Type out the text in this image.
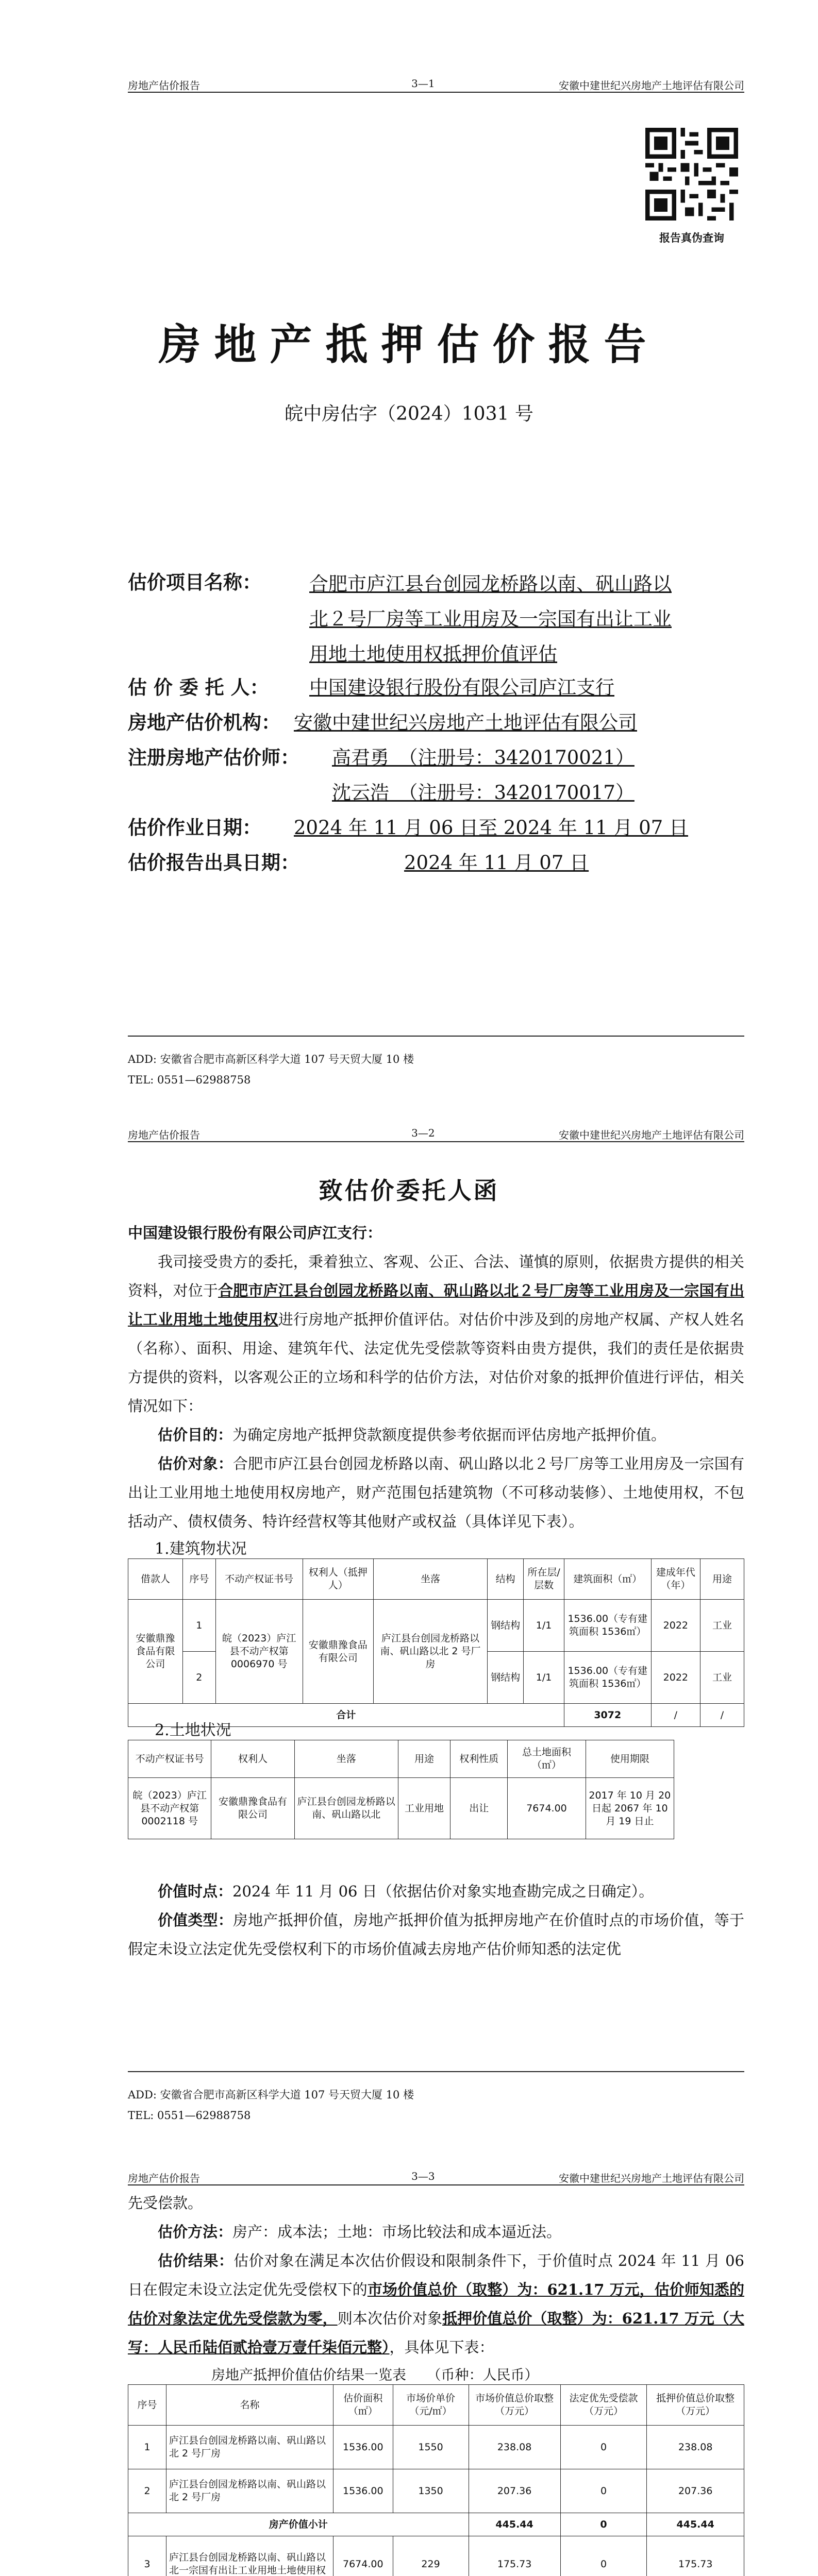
房地产估价报告	3—1	安徽中建世纪兴房地产土地评估有限公司
报告真伪查询
房地产抵押估价报告
皖中房估字（2024）1031 号
估价项目名称：	合肥市庐江县台创园龙桥路以南、矾山路以北２号厂房等工业用房及一宗国有出让工业用地土地使用权抵押价值评估
估 价 委 托 人： 中国建设银行股份有限公司庐江支行
房地产估价机构： 安徽中建世纪兴房地产土地评估有限公司
注册房地产估价师： 高君勇　（注册号：3420170021）
沈云浩　（注册号：3420170017）
估价作业日期： 2024 年 11 月 06 日至 2024 年 11 月 07 日
估价报告出具日期：	2024 年 11 月 07 日
ADD: 安徽省合肥市高新区科学大道 107 号天贸大厦 10 楼
TEL: 0551—62988758
房地产估价报告	3—2	安徽中建世纪兴房地产土地评估有限公司
致估价委托人函

中国建设银行股份有限公司庐江支行：

我司接受贵方的委托，秉着独立、客观、公正、合法、谨慎的原则，依据贵方提供的相关资料，对位于合肥市庐江县台创园龙桥路以南、矾山路以北２号厂房等工业用房及一宗国有出让工业用地土地使用权进行房地产抵押价值评估。对估价中涉及到的房地产权属、产权人姓名（名称）、面积、用途、建筑年代、法定优先受偿款等资料由贵方提供，我们的责任是依据贵方提供的资料，以客观公正的立场和科学的估价方法，对估价对象的抵押价值进行评估，相关情况如下：

估价目的：为确定房地产抵押贷款额度提供参考依据而评估房地产抵押价值。

估价对象：合肥市庐江县台创园龙桥路以南、矾山路以北２号厂房等工业用房及一宗国有出让工业用地土地使用权房地产，财产范围包括建筑物（不可移动装修）、土地使用权，不包括动产、债权债务、特许经营权等其他财产或权益（具体详见下表）。

1.建筑物状况
借款人	序号	不动产权证书号	权利人（抵押人）	坐落	结构	所在层/层数	建筑面积（㎡）	建成年代（年）	用途
安徽鼎豫食品有限公司	1	皖（2023）庐江县不动产权第 0006970 号	安徽鼎豫食品有限公司	庐江县台创园龙桥路以南、矾山路以北 2 号厂房	钢结构	1/1	1536.00（专有建筑面积 1536㎡）	2022	工业
	2				钢结构	1/1	1536.00（专有建筑面积 1536㎡）	2022	工业
合计							3072	/	/
2.土地状况
不动产权证书号	权利人	坐落	用途	权利性质	总土地面积（㎡）	使用期限
皖（2023）庐江县不动产权第 0002118 号	安徽鼎豫食品有限公司	庐江县台创园龙桥路以南、矾山路以北	工业用地	出让	7674.00	2017 年 10 月 20 日起 2067 年 10 月 19 日止

价值时点：2024 年 11 月 06 日（依据估价对象实地查勘完成之日确定）。

价值类型：房地产抵押价值，房地产抵押价值为抵押房地产在价值时点的市场价值，等于假定未设立法定优先受偿权利下的市场价值减去房地产估价师知悉的法定优

ADD: 安徽省合肥市高新区科学大道 107 号天贸大厦 10 楼
TEL: 0551—62988758
房地产估价报告	3—3	安徽中建世纪兴房地产土地评估有限公司

先受偿款。

估价方法：房产：成本法；土地：市场比较法和成本逼近法。

估价结果：估价对象在满足本次估价假设和限制条件下，于价值时点 2024 年 11 月 06 日在假定未设立法定优先受偿权下的市场价值总价（取整）为：621.17 万元，估价师知悉的估价对象法定优先受偿款为零，则本次估价对象抵押价值总价（取整）为：621.17 万元（大写：人民币陆佰贰拾壹万壹仟柒佰元整），具体见下表：

房地产抵押价值估价结果一览表　　（币种：人民币）
序号	名称	估价面积（㎡）	市场价单价（元/㎡）	市场价值总价取整（万元）	法定优先受偿款（万元）	抵押价值总价取整（万元）
1	庐江县台创园龙桥路以南、矾山路以北 2 号厂房	1536.00	1550	238.08	0	238.08
2	庐江县台创园龙桥路以南、矾山路以北 2 号厂房	1536.00	1350	207.36	0	207.36
房产价值小计				445.44	0	445.44
3	庐江县台创园龙桥路以南、矾山路以北一宗国有出让工业用地土地使用权	7674.00	229	175.73	0	175.73
